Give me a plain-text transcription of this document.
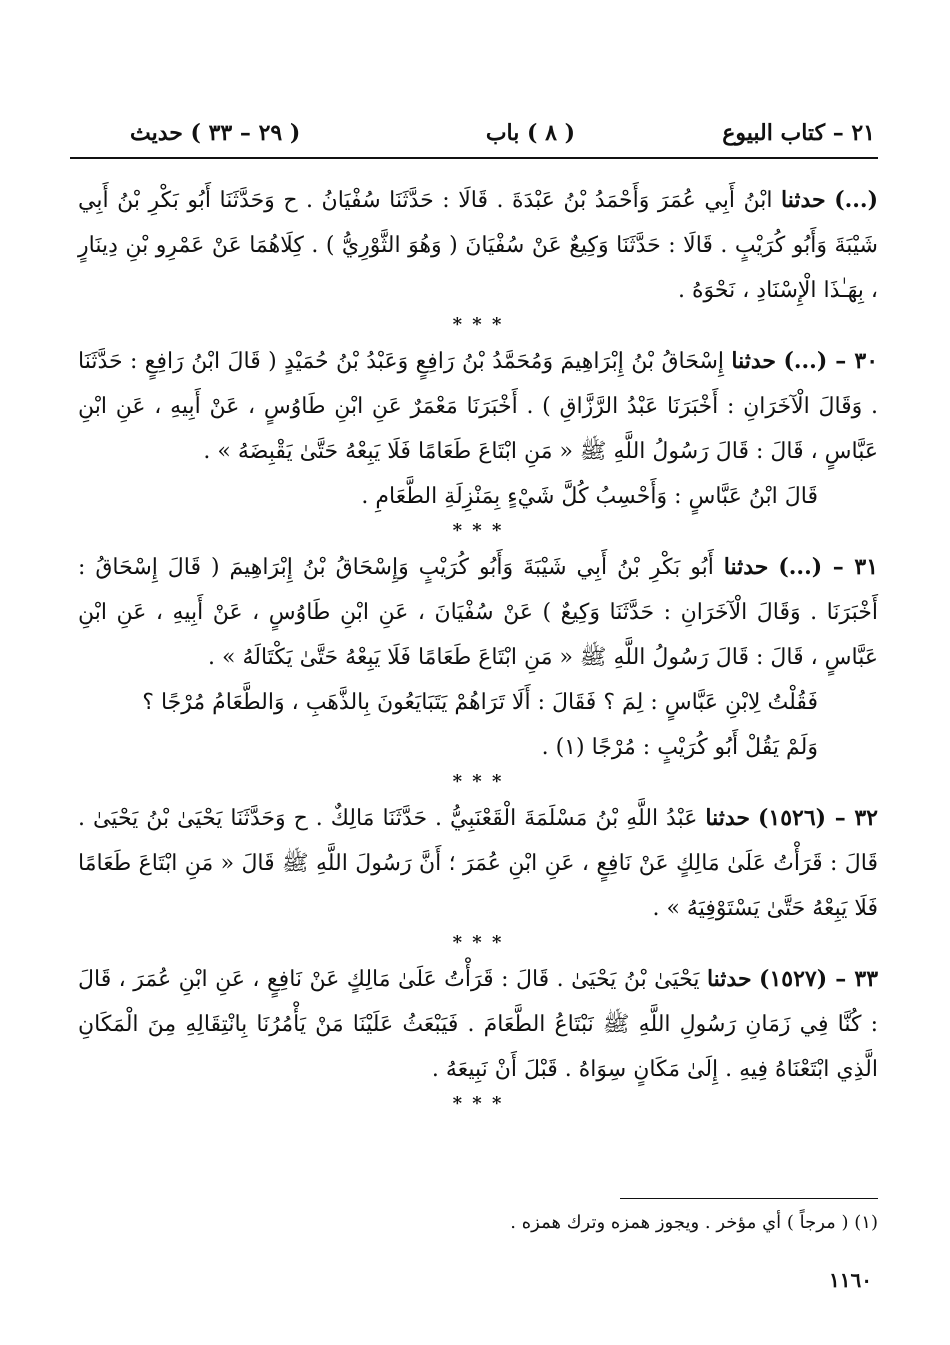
٢١ – كتاب البيوع
( ٨ ) باب
( ٢٩ – ٣٣ ) حديث

(...) حدثنا ابْنُ أَبِي عُمَرَ وَأَحْمَدُ بْنُ عَبْدَةَ . قَالَا : حَدَّثَنَا سُفْيَانُ . ح وَحَدَّثَنَا أَبُو بَكْرِ بْنُ أَبِي شَيْبَةَ وَأَبُو كُرَيْبٍ . قَالَا : حَدَّثَنَا وَكِيعٌ عَنْ سُفْيَانَ ( وَهُوَ الثَّوْرِيُّ ) . كِلَاهُمَا عَنْ عَمْرِو بْنِ دِينَارٍ ، بِهَـٰذَا الْإِسْنَادِ ، نَحْوَهُ .

* * *

٣٠ – (...) حدثنا إِسْحَاقُ بْنُ إِبْرَاهِيمَ وَمُحَمَّدُ بْنُ رَافِعٍ وَعَبْدُ بْنُ حُمَيْدٍ ( قَالَ ابْنُ رَافِعٍ : حَدَّثَنَا . وَقَالَ الْآخَرَانِ : أَخْبَرَنَا عَبْدُ الرَّزَّاقِ ) . أَخْبَرَنَا مَعْمَرٌ عَنِ ابْنِ طَاوُسٍ ، عَنْ أَبِيهِ ، عَنِ ابْنِ عَبَّاسٍ ، قَالَ : قَالَ رَسُولُ اللَّهِ ﷺ « مَنِ ابْتَاعَ طَعَامًا فَلَا يَبِعْهُ حَتَّىٰ يَقْبِضَهُ » .

قَالَ ابْنُ عَبَّاسٍ : وَأَحْسِبُ كُلَّ شَيْءٍ بِمَنْزِلَةِ الطَّعَامِ .

* * *

٣١ – (...) حدثنا أَبُو بَكْرِ بْنُ أَبِي شَيْبَةَ وَأَبُو كُرَيْبٍ وَإِسْحَاقُ بْنُ إِبْرَاهِيمَ ( قَالَ إِسْحَاقُ : أَخْبَرَنَا . وَقَالَ الْآخَرَانِ : حَدَّثَنَا وَكِيعٌ ) عَنْ سُفْيَانَ ، عَنِ ابْنِ طَاوُسٍ ، عَنْ أَبِيهِ ، عَنِ ابْنِ عَبَّاسٍ ، قَالَ : قَالَ رَسُولُ اللَّهِ ﷺ « مَنِ ابْتَاعَ طَعَامًا فَلَا يَبِعْهُ حَتَّىٰ يَكْتَالَهُ » .

فَقُلْتُ لِابْنِ عَبَّاسٍ : لِمَ ؟ فَقَالَ : أَلَا تَرَاهُمْ يَتَبَايَعُونَ بِالذَّهَبِ ، وَالطَّعَامُ مُرْجًا ؟

وَلَمْ يَقُلْ أَبُو كُرَيْبٍ : مُرْجًا (١) .

* * *

٣٢ – (١٥٢٦) حدثنا عَبْدُ اللَّهِ بْنُ مَسْلَمَةَ الْقَعْنَبِيُّ . حَدَّثَنَا مَالِكٌ . ح وَحَدَّثَنَا يَحْيَىٰ بْنُ يَحْيَىٰ . قَالَ : قَرَأْتُ عَلَىٰ مَالِكٍ عَنْ نَافِعٍ ، عَنِ ابْنِ عُمَرَ ؛ أَنَّ رَسُولَ اللَّهِ ﷺ قَالَ « مَنِ ابْتَاعَ طَعَامًا فَلَا يَبِعْهُ حَتَّىٰ يَسْتَوْفِيَهُ » .

* * *

٣٣ – (١٥٢٧) حدثنا يَحْيَىٰ بْنُ يَحْيَىٰ . قَالَ : قَرَأْتُ عَلَىٰ مَالِكٍ عَنْ نَافِعٍ ، عَنِ ابْنِ عُمَرَ ، قَالَ : كُنَّا فِي زَمَانِ رَسُولِ اللَّهِ ﷺ نَبْتَاعُ الطَّعَامَ . فَيَبْعَثُ عَلَيْنَا مَنْ يَأْمُرُنَا بِانْتِقَالِهِ مِنَ الْمَكَانِ الَّذِي ابْتَعْنَاهُ فِيهِ . إِلَىٰ مَكَانٍ سِوَاهُ . قَبْلَ أَنْ نَبِيعَهُ .

* * *
(١) ( مرجاً ) أي مؤخر . ويجوز همزه وترك همزه .
١١٦٠
